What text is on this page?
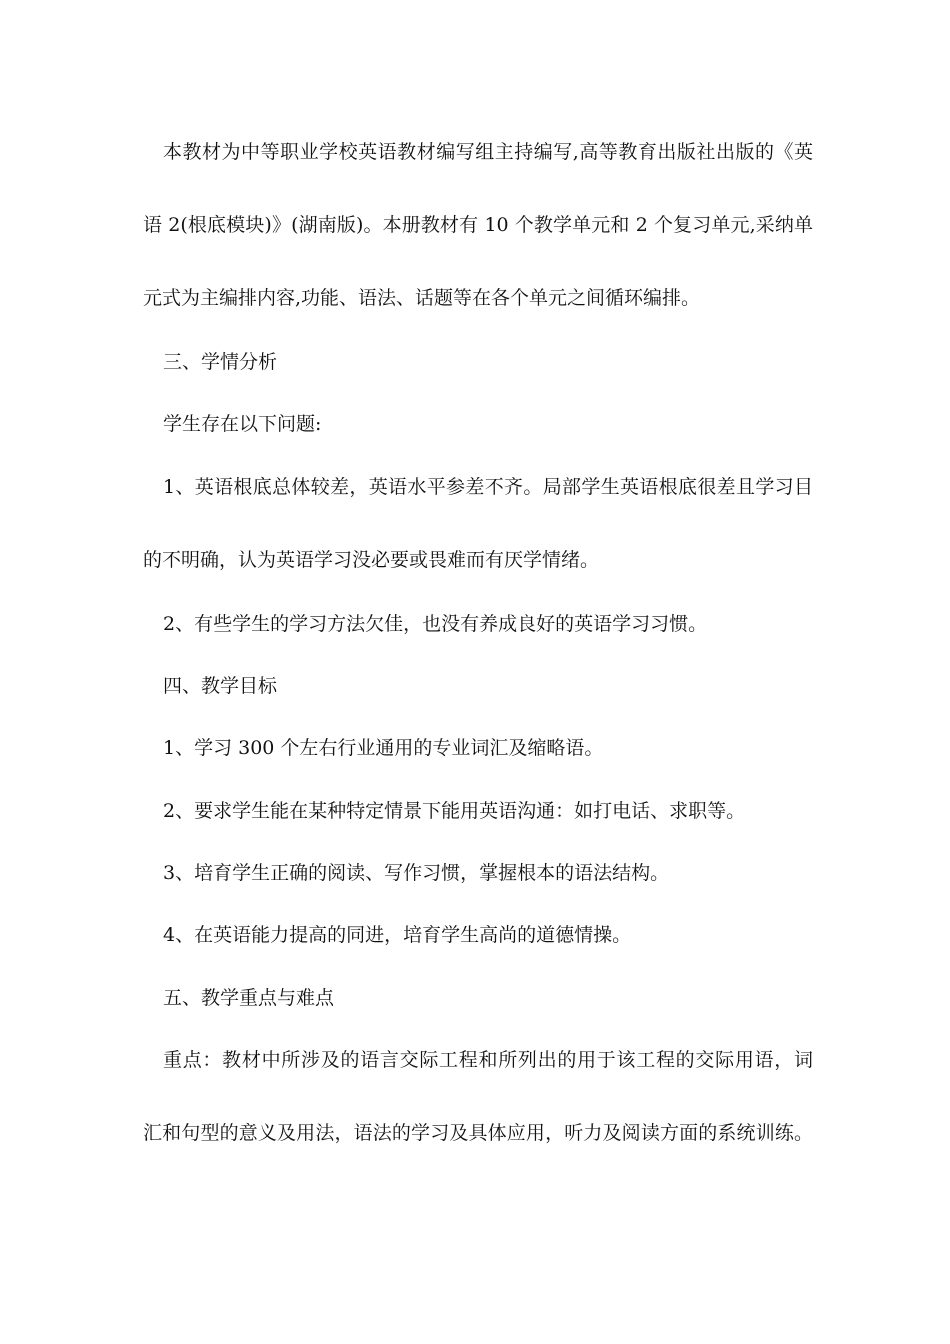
本教材为中等职业学校英语教材编写组主持编写,高等教育出版社出版的《英
语 2(根底模块)》(湖南版)。本册教材有 10 个教学单元和 2 个复习单元,采纳单
元式为主编排内容,功能、语法、话题等在各个单元之间循环编排。
三、学情分析
学生存在以下问题:
1、英语根底总体较差，英语水平参差不齐。局部学生英语根底很差且学习目
的不明确，认为英语学习没必要或畏难而有厌学情绪。
2、有些学生的学习方法欠佳，也没有养成良好的英语学习习惯。
四、教学目标
1、学习 300 个左右行业通用的专业词汇及缩略语。
2、要求学生能在某种特定情景下能用英语沟通：如打电话、求职等。
3、培育学生正确的阅读、写作习惯，掌握根本的语法结构。
4、在英语能力提高的同进，培育学生高尚的道德情操。
五、教学重点与难点
重点：教材中所涉及的语言交际工程和所列出的用于该工程的交际用语，词
汇和句型的意义及用法，语法的学习及具体应用，听力及阅读方面的系统训练。
